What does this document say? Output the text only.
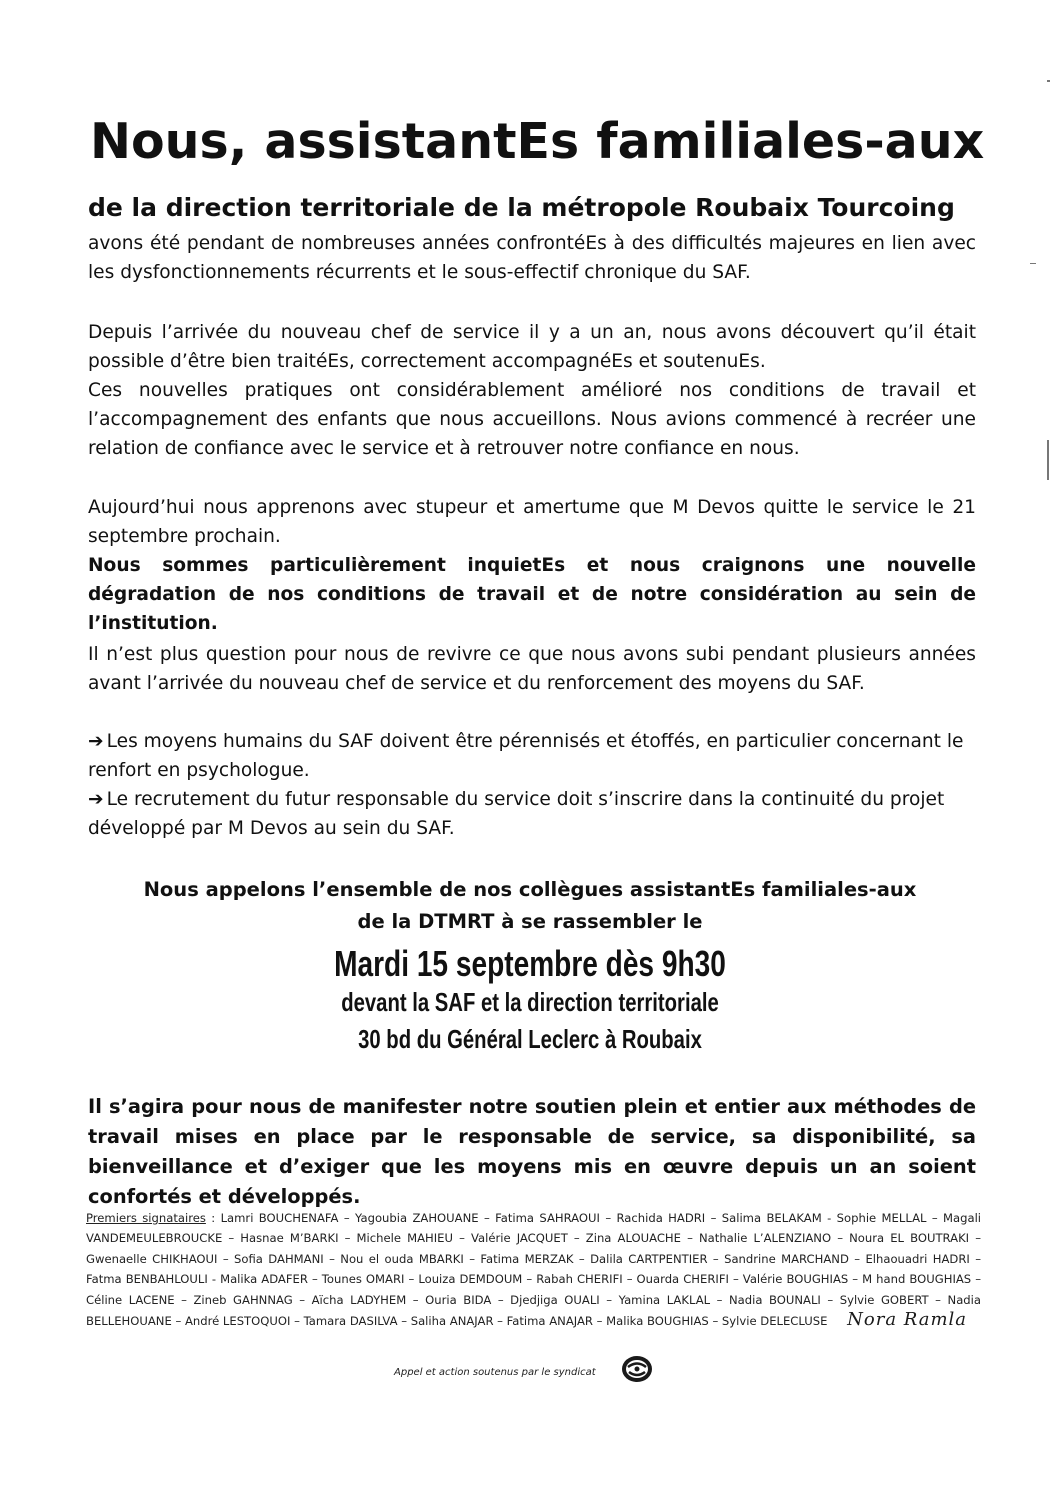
Nous, assistantEs familiales-aux
de la direction territoriale de la métropole Roubaix Tourcoing
avons été pendant de nombreuses années confrontéEs à des difficultés majeures en lien avec les dysfonctionnements récurrents et le sous-effectif chronique du SAF.
Depuis l’arrivée du nouveau chef de service il y a un an, nous avons découvert qu’il était possible d’être bien traitéEs, correctement accompagnéEs et soutenuEs.
Ces nouvelles pratiques ont considérablement amélioré nos conditions de travail et l’accompagnement des enfants que nous accueillons. Nous avions commencé à recréer une relation de confiance avec le service et à retrouver notre confiance en nous.
Aujourd’hui nous apprenons avec stupeur et amertume que M Devos quitte le service le 21 septembre prochain.
Nous sommes particulièrement inquietEs et nous craignons une nouvelle dégradation de nos conditions de travail et de notre considération au sein de l’institution.
Il n’est plus question pour nous de revivre ce que nous avons subi pendant plusieurs années avant l’arrivée du nouveau chef de service et du renforcement des moyens du SAF.
➔ Les moyens humains du SAF doivent être pérennisés et étoffés, en particulier concernant le renfort en psychologue.
➔ Le recrutement du futur responsable du service doit s’inscrire dans la continuité du projet développé par M Devos au sein du SAF.
Nous appelons l’ensemble de nos collègues assistantEs familiales-aux
de la DTMRT à se rassembler le
Mardi 15 septembre dès 9h30
devant la SAF et la direction territoriale
30 bd du Général Leclerc à Roubaix
Il s’agira pour nous de manifester notre soutien plein et entier aux méthodes de travail mises en place par le responsable de service, sa disponibilité, sa bienveillance et d’exiger que les moyens mis en œuvre depuis un an soient confortés et développés.
Premiers signataires : Lamri BOUCHENAFA – Yagoubia ZAHOUANE – Fatima SAHRAOUI – Rachida HADRI – Salima BELAKAM - Sophie MELLAL – Magali VANDEMEULEBROUCKE – Hasnae M’BARKI – Michele MAHIEU – Valérie JACQUET – Zina ALOUACHE – Nathalie L’ALENZIANO – Noura EL BOUTRAKI – Gwenaelle CHIKHAOUI – Sofia DAHMANI – Nou el ouda MBARKI – Fatima MERZAK – Dalila CARTPENTIER – Sandrine MARCHAND – Elhaouadri HADRI – Fatma BENBAHLOULI - Malika ADAFER – Tounes OMARI – Louiza DEMDOUM – Rabah CHERIFI – Ouarda CHERIFI – Valérie BOUGHIAS – M hand BOUGHIAS – Céline LACENE – Zineb GAHNNAG – Aïcha LADYHEM – Ouria BIDA – Djedjiga OUALI – Yamina LAKLAL – Nadia BOUNALI – Sylvie GOBERT – Nadia BELLEHOUANE – André LESTOQUOI – Tamara DASILVA – Saliha ANAJAR – Fatima ANAJAR – Malika BOUGHIAS – Sylvie DELECLUSE Nora Ramla
Appel et action soutenus par le syndicat
